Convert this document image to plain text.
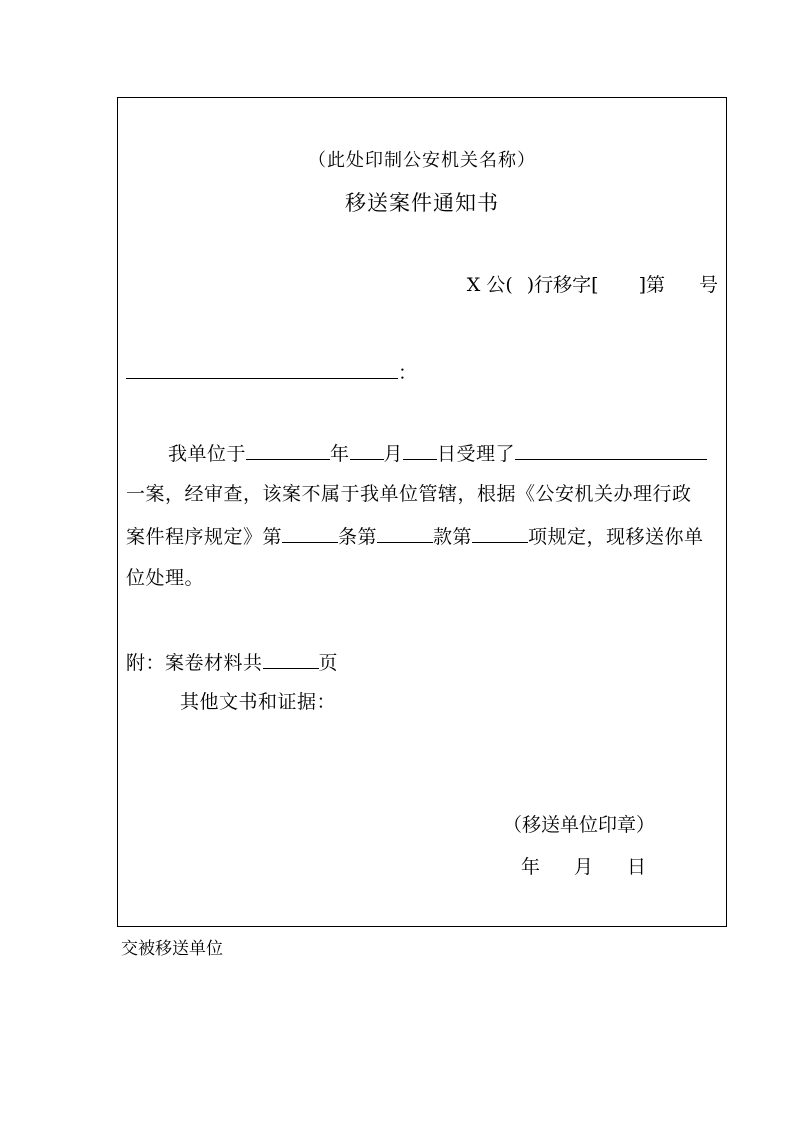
（此处印制公安机关名称）
移送案件通知书
X 公( )行移字[ ]第 号
：
我单位于	年 月 日受理了
一案，经审查，该案不属于我单位管辖，根据《公安机关办理行政
案件程序规定》第	条第	款第	项规定，现移送你单
位处理。
附：案卷材料共	页
其他文书和证据：
（移送单位印章）
年 月 日
交被移送单位
